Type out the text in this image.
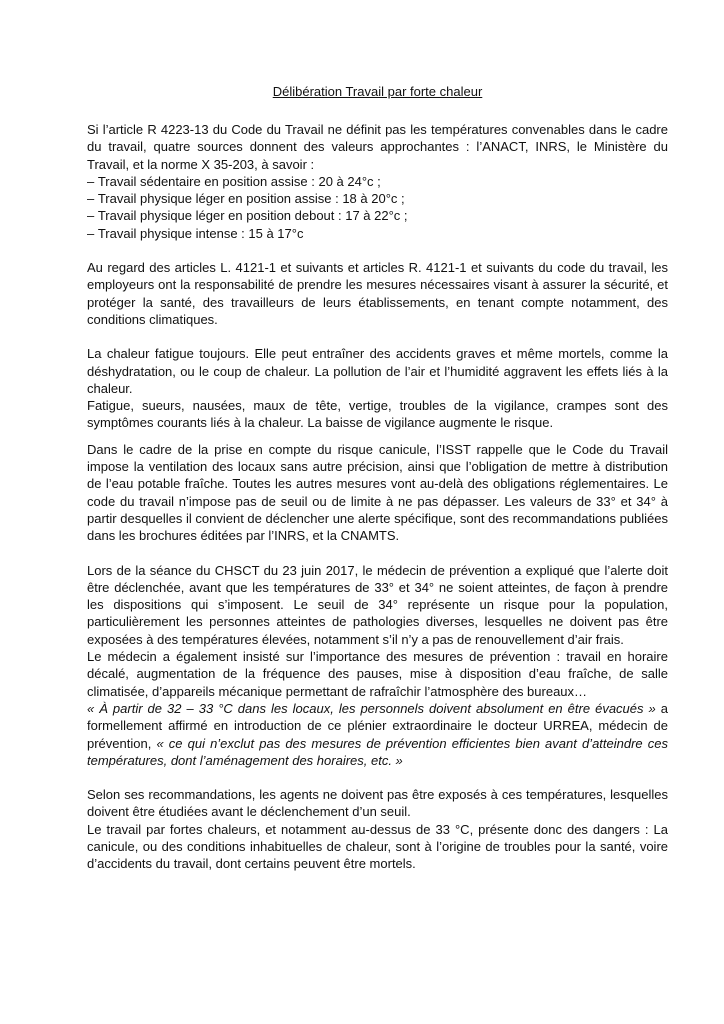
Délibération Travail par forte chaleur

Si l’article R 4223-13 du Code du Travail ne définit pas les températures convenables dans le cadre du travail, quatre sources donnent des valeurs approchantes : l’ANACT, INRS, le Ministère du Travail, et la norme X 35-203, à savoir :

– Travail sédentaire en position assise : 20 à 24°c ;
– Travail physique léger en position assise : 18 à 20°c ;
– Travail physique léger en position debout : 17 à 22°c ;
– Travail physique intense : 15 à 17°c

Au regard des articles L. 4121-1 et suivants et articles R. 4121-1 et suivants du code du travail, les employeurs ont la responsabilité de prendre les mesures nécessaires visant à assurer la sécurité, et protéger la santé, des travailleurs de leurs établissements, en tenant compte notamment, des conditions climatiques.

La chaleur fatigue toujours. Elle peut entraîner des accidents graves et même mortels, comme la déshydratation, ou le coup de chaleur. La pollution de l’air et l’humidité aggravent les effets liés à la chaleur.

Fatigue, sueurs, nausées, maux de tête, vertige, troubles de la vigilance, crampes sont des symptômes courants liés à la chaleur. La baisse de vigilance augmente le risque.

Dans le cadre de la prise en compte du risque canicule, l’ISST rappelle que le Code du Travail impose la ventilation des locaux sans autre précision, ainsi que l’obligation de mettre à distribution de l’eau potable fraîche. Toutes les autres mesures vont au-delà des obligations réglementaires. Le code du travail n’impose pas de seuil ou de limite à ne pas dépasser. Les valeurs de 33° et 34° à partir desquelles il convient de déclencher une alerte spécifique, sont des recommandations publiées dans les brochures éditées par l’INRS, et la CNAMTS.

Lors de la séance du CHSCT du 23 juin 2017, le médecin de prévention a expliqué que l’alerte doit être déclenchée, avant que les températures de 33° et 34° ne soient atteintes, de façon à prendre les dispositions qui s’imposent. Le seuil de 34° représente un risque pour la population, particulièrement les personnes atteintes de pathologies diverses, lesquelles ne doivent pas être exposées à des températures élevées, notamment s’il n’y a pas de renouvellement d’air frais.

Le médecin a également insisté sur l’importance des mesures de prévention : travail en horaire décalé, augmentation de la fréquence des pauses, mise à disposition d’eau fraîche, de salle climatisée, d’appareils mécanique permettant de rafraîchir l’atmosphère des bureaux…

« À partir de 32 – 33 °C dans les locaux, les personnels doivent absolument en être évacués » a formellement affirmé en introduction de ce plénier extraordinaire le docteur URREA, médecin de prévention, « ce qui n’exclut pas des mesures de prévention efficientes bien avant d’atteindre ces températures, dont l’aménagement des horaires, etc. »

Selon ses recommandations, les agents ne doivent pas être exposés à ces températures, lesquelles doivent être étudiées avant le déclenchement d’un seuil.

Le travail par fortes chaleurs, et notamment au-dessus de 33 °C, présente donc des dangers : La canicule, ou des conditions inhabituelles de chaleur, sont à l’origine de troubles pour la santé, voire d’accidents du travail, dont certains peuvent être mortels.
